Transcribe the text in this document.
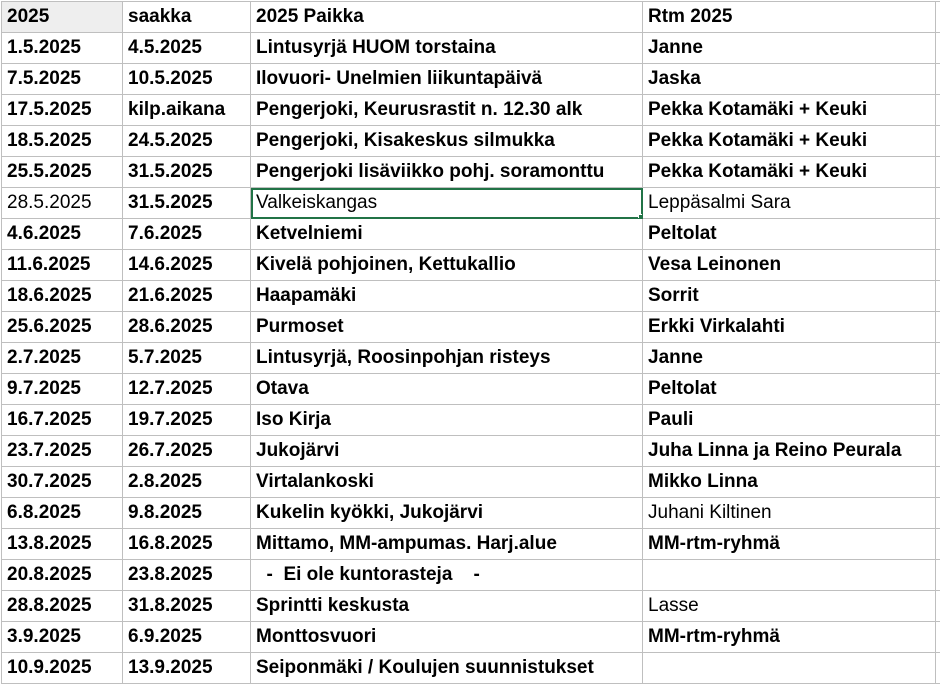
2025	saakka	2025 Paikka	Rtm 2025	
1.5.2025	4.5.2025	Lintusyrjä HUOM torstaina	Janne	
7.5.2025	10.5.2025	Ilovuori- Unelmien liikuntapäivä	Jaska	
17.5.2025	kilp.aikana	Pengerjoki, Keurusrastit n. 12.30 alk	Pekka Kotamäki + Keuki	
18.5.2025	24.5.2025	Pengerjoki, Kisakeskus silmukka	Pekka Kotamäki + Keuki	
25.5.2025	31.5.2025	Pengerjoki lisäviikko pohj. soramonttu	Pekka Kotamäki + Keuki	
28.5.2025	31.5.2025	Valkeiskangas	Leppäsalmi Sara	
4.6.2025	7.6.2025	Ketvelniemi	Peltolat	
11.6.2025	14.6.2025	Kivelä pohjoinen, Kettukallio	Vesa Leinonen	
18.6.2025	21.6.2025	Haapamäki	Sorrit	
25.6.2025	28.6.2025	Purmoset	Erkki Virkalahti	
2.7.2025	5.7.2025	Lintusyrjä, Roosinpohjan risteys	Janne	
9.7.2025	12.7.2025	Otava	Peltolat	
16.7.2025	19.7.2025	Iso Kirja	Pauli	
23.7.2025	26.7.2025	Jukojärvi	Juha Linna ja Reino Peurala	
30.7.2025	2.8.2025	Virtalankoski	Mikko Linna	
6.8.2025	9.8.2025	Kukelin kyökki, Jukojärvi	Juhani Kiltinen	
13.8.2025	16.8.2025	Mittamo, MM-ampumas. Harj.alue	MM-rtm-ryhmä	
20.8.2025	23.8.2025	-  Ei ole kuntorasteja    -		
28.8.2025	31.8.2025	Sprintti keskusta	Lasse	
3.9.2025	6.9.2025	Monttosvuori	MM-rtm-ryhmä	
10.9.2025	13.9.2025	Seiponmäki / Koulujen suunnistukset		
